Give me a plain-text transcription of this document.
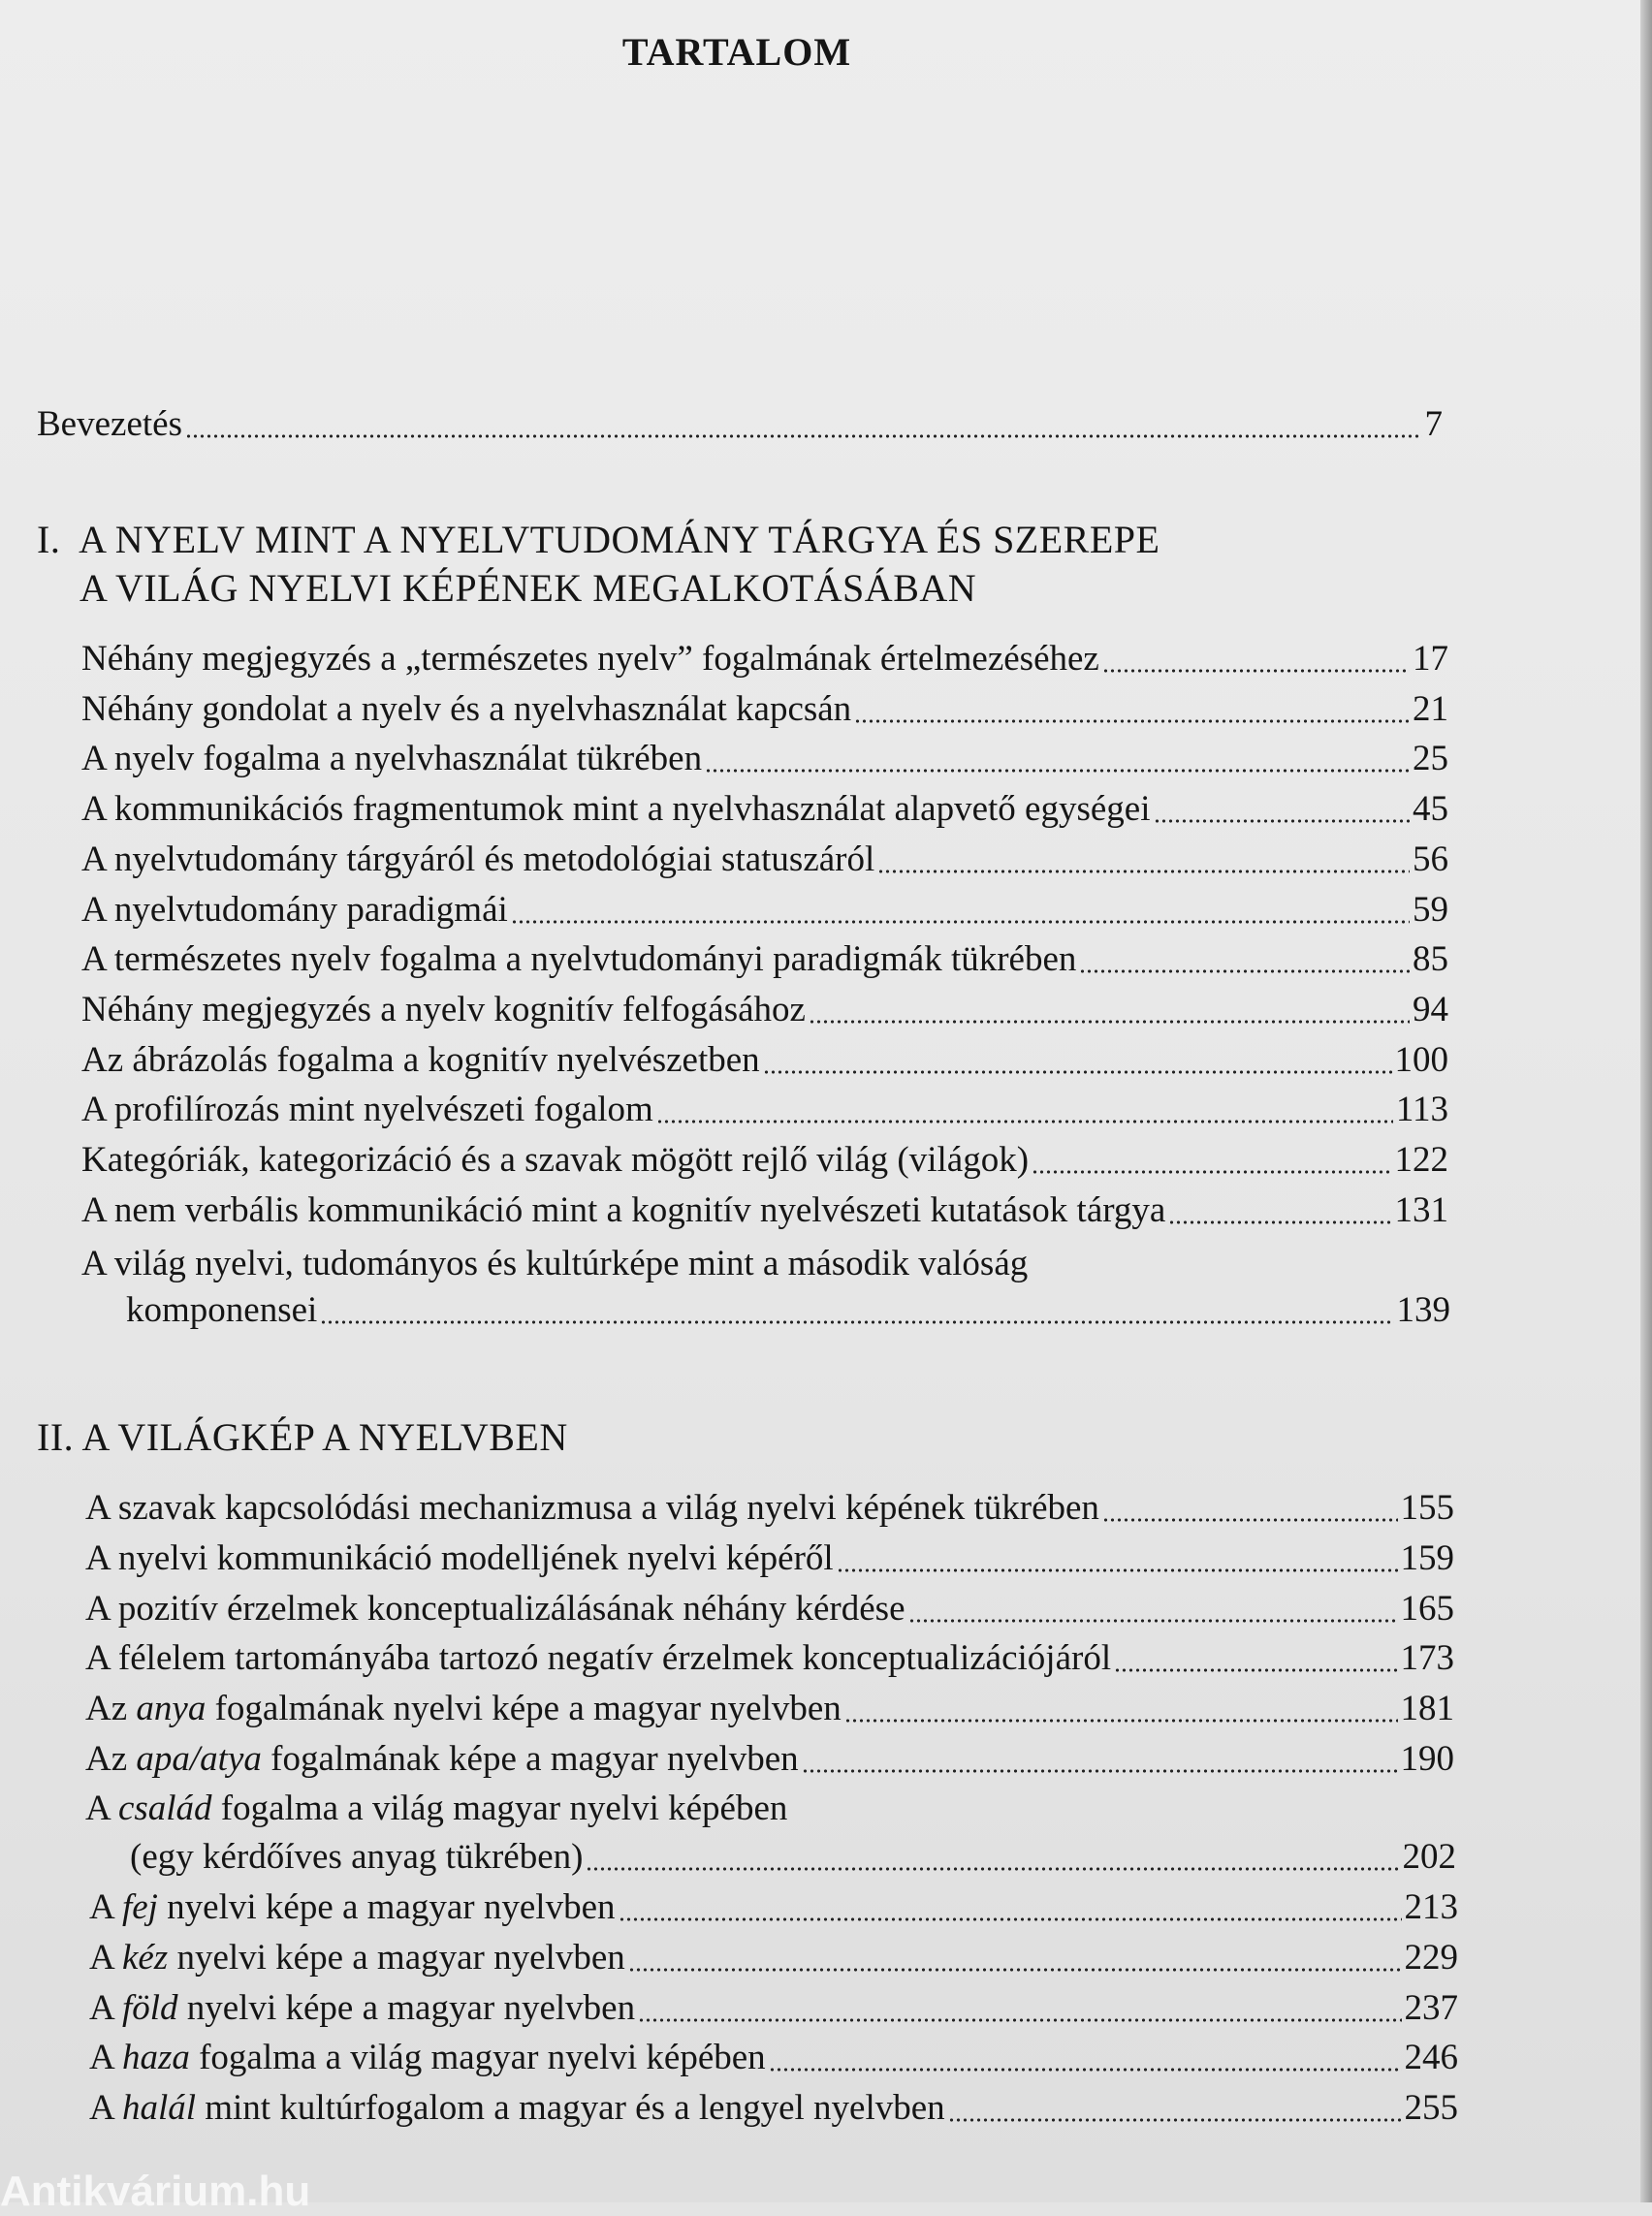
TARTALOM
Bevezetés	7
I. A NYELV MINT A NYELVTUDOMÁNY TÁRGYA ÉS SZEREPE
A VILÁG NYELVI KÉPÉNEK MEGALKOTÁSÁBAN
Néhány megjegyzés a „természetes nyelv” fogalmának értelmezéséhez	17
Néhány gondolat a nyelv és a nyelvhasználat kapcsán	21
A nyelv fogalma a nyelvhasználat tükrében	25
A kommunikációs fragmentumok mint a nyelvhasználat alapvető egységei	45
A nyelvtudomány tárgyáról és metodológiai statuszáról	56
A nyelvtudomány paradigmái	59
A természetes nyelv fogalma a nyelvtudományi paradigmák tükrében	85
Néhány megjegyzés a nyelv kognitív felfogásához	94
Az ábrázolás fogalma a kognitív nyelvészetben	100
A profilírozás mint nyelvészeti fogalom	113
Kategóriák, kategorizáció és a szavak mögött rejlő világ (világok)	122
A nem verbális kommunikáció mint a kognitív nyelvészeti kutatások tárgya	131
A világ nyelvi, tudományos és kultúrképe mint a második valóság
komponensei	139
II. A VILÁGKÉP A NYELVBEN
A szavak kapcsolódási mechanizmusa a világ nyelvi képének tükrében	155
A nyelvi kommunikáció modelljének nyelvi képéről	159
A pozitív érzelmek konceptualizálásának néhány kérdése	165
A félelem tartományába tartozó negatív érzelmek konceptualizációjáról	173
Az anya fogalmának nyelvi képe a magyar nyelvben	181
Az apa/atya fogalmának képe a magyar nyelvben	190
A család fogalma a világ magyar nyelvi képében
(egy kérdőíves anyag tükrében)	202
A fej nyelvi képe a magyar nyelvben	213
A kéz nyelvi képe a magyar nyelvben	229
A föld nyelvi képe a magyar nyelvben	237
A haza fogalma a világ magyar nyelvi képében	246
A halál mint kultúrfogalom a magyar és a lengyel nyelvben	255
Antikvárium.hu
